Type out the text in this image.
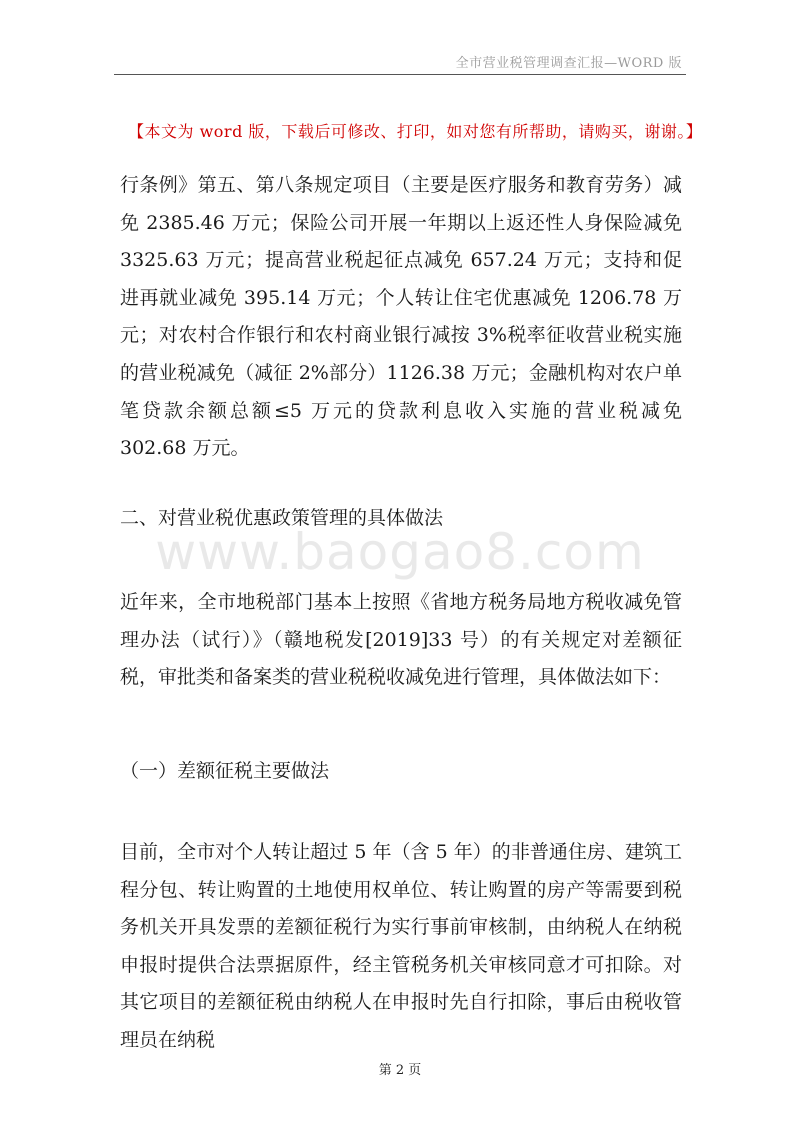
全市营业税管理调查汇报—WORD 版
【本文为 word 版，下载后可修改、打印，如对您有所帮助，请购买，谢谢。】
www.baogao8.com

行条例》第五、第八条规定项目（主要是医疗服务和教育劳务）减免 2385.46 万元；保险公司开展一年期以上返还性人身保险减免 3325.63 万元；提高营业税起征点减免 657.24 万元；支持和促进再就业减免 395.14 万元；个人转让住宅优惠减免 1206.78 万元；对农村合作银行和农村商业银行减按 3%税率征收营业税实施的营业税减免（减征 2%部分）1126.38 万元；金融机构对农户单笔贷款余额总额≤5 万元的贷款利息收入实施的营业税减免 302.68 万元。

二、对营业税优惠政策管理的具体做法

近年来，全市地税部门基本上按照《省地方税务局地方税收减免管理办法（试行）》（赣地税发[2019]33 号）的有关规定对差额征税，审批类和备案类的营业税税收减免进行管理，具体做法如下：

（一）差额征税主要做法

目前，全市对个人转让超过 5 年（含 5 年）的非普通住房、建筑工程分包、转让购置的土地使用权单位、转让购置的房产等需要到税务机关开具发票的差额征税行为实行事前审核制，由纳税人在纳税申报时提供合法票据原件，经主管税务机关审核同意才可扣除。对其它项目的差额征税由纳税人在申报时先自行扣除，事后由税收管理员在纳税

第 2 页
